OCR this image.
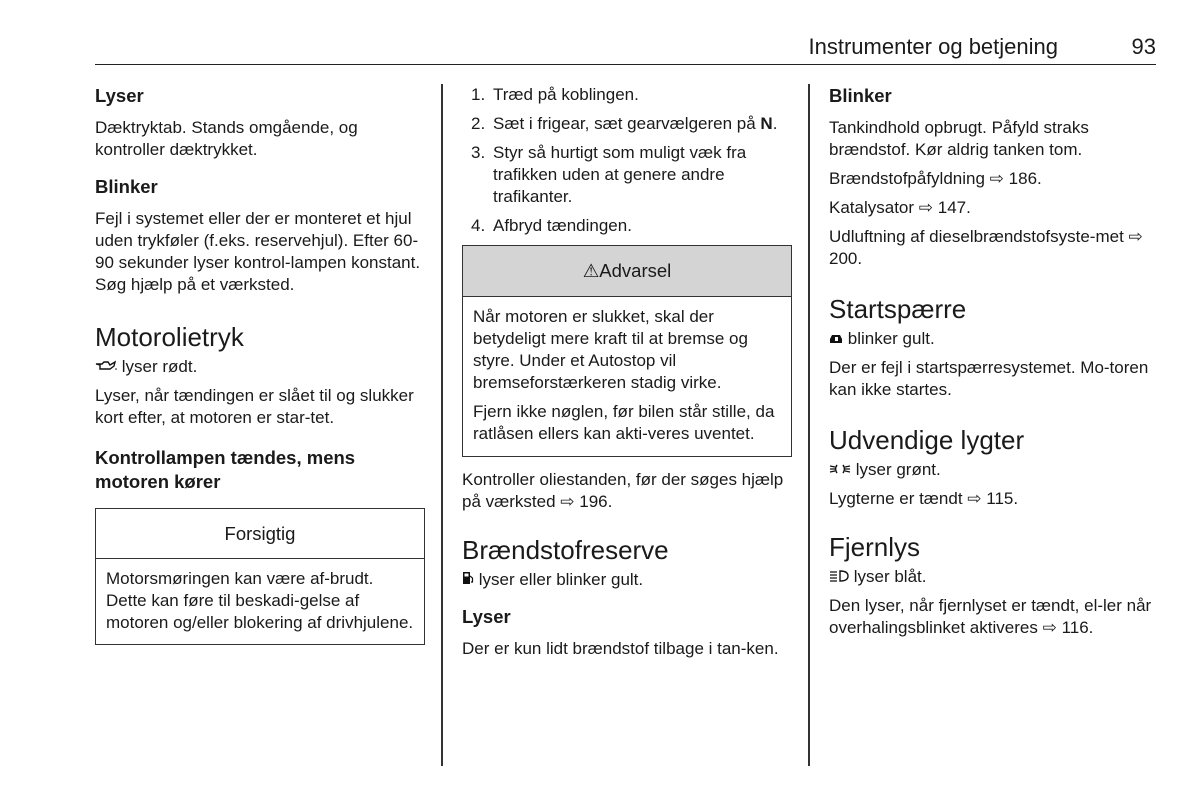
Instrumenter og betjening	93
Lyser
Dæktryktab. Stands omgående, og kontroller dæktrykket.
Blinker
Fejl i systemet eller der er monteret et hjul uden trykføler (f.eks. reservehjul). Efter 60-90 sekunder lyser kontrol-lampen konstant. Søg hjælp på et værksted.
Motorolietryk
lyser rødt.
Lyser, når tændingen er slået til og slukker kort efter, at motoren er star-tet.
Kontrollampen tændes, mens motoren kører
Forsigtig
Motorsmøringen kan være af-brudt. Dette kan føre til beskadi-gelse af motoren og/eller blokering af drivhjulene.
1. Træd på koblingen.
2. Sæt i frigear, sæt gearvælgeren på N.
3. Styr så hurtigt som muligt væk fra trafikken uden at genere andre trafikanter.
4. Afbryd tændingen.
⚠Advarsel
Når motoren er slukket, skal der betydeligt mere kraft til at bremse og styre. Under et Autostop vil bremseforstærkeren stadig virke.
Fjern ikke nøglen, før bilen står stille, da ratlåsen ellers kan akti-veres uventet.
Kontroller oliestanden, før der søges hjælp på værksted ⇨ 196.
Brændstofreserve
lyser eller blinker gult.
Lyser
Der er kun lidt brændstof tilbage i tan-ken.
Blinker
Tankindhold opbrugt. Påfyld straks brændstof. Kør aldrig tanken tom.
Brændstofpåfyldning ⇨ 186.
Katalysator ⇨ 147.
Udluftning af dieselbrændstofsyste-met ⇨ 200.
Startspærre
blinker gult.
Der er fejl i startspærresystemet. Mo-toren kan ikke startes.
Udvendige lygter
lyser grønt.
Lygterne er tændt ⇨ 115.
Fjernlys
lyser blåt.
Den lyser, når fjernlyset er tændt, el-ler når overhalingsblinket aktiveres ⇨ 116.
